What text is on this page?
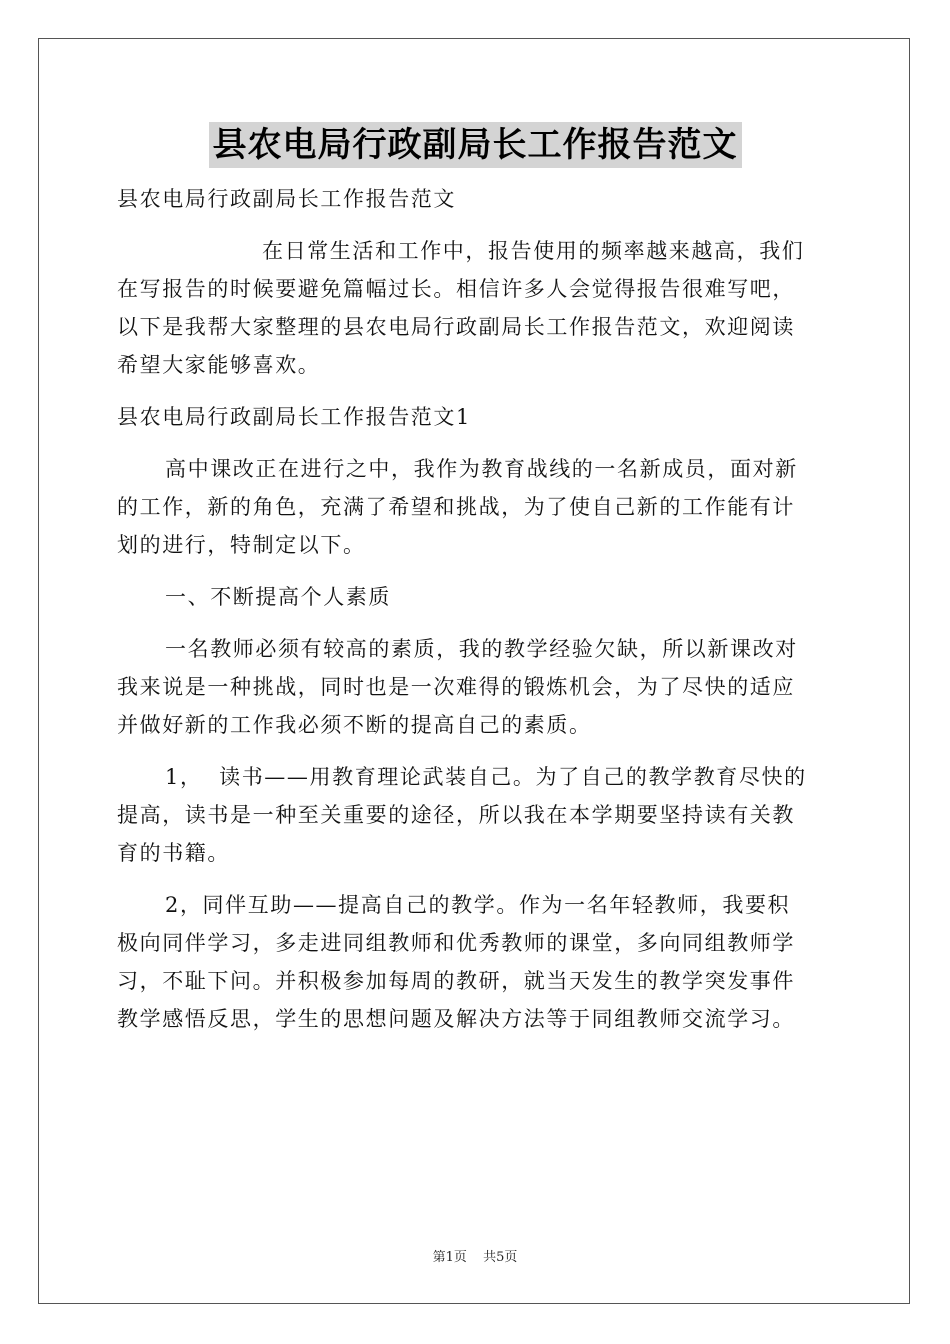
县农电局行政副局长工作报告范文

县农电局行政副局长工作报告范文

在日常生活和工作中，报告使用的频率越来越高，我们

在写报告的时候要避免篇幅过长。相信许多人会觉得报告很难写吧，

以下是我帮大家整理的县农电局行政副局长工作报告范文，欢迎阅读

希望大家能够喜欢。

县农电局行政副局长工作报告范文1

高中课改正在进行之中，我作为教育战线的一名新成员，面对新

的工作，新的角色，充满了希望和挑战，为了使自己新的工作能有计

划的进行，特制定以下。

一、不断提高个人素质

一名教师必须有较高的素质，我的教学经验欠缺，所以新课改对

我来说是一种挑战，同时也是一次难得的锻炼机会，为了尽快的适应

并做好新的工作我必须不断的提高自己的素质。

1，  读书——用教育理论武装自己。为了自己的教学教育尽快的

提高，读书是一种至关重要的途径，所以我在本学期要坚持读有关教

育的书籍。

2，同伴互助——提高自己的教学。作为一名年轻教师，我要积

极向同伴学习，多走进同组教师和优秀教师的课堂，多向同组教师学

习，不耻下问。并积极参加每周的教研，就当天发生的教学突发事件

教学感悟反思，学生的思想问题及解决方法等于同组教师交流学习。

第1页 共5页
